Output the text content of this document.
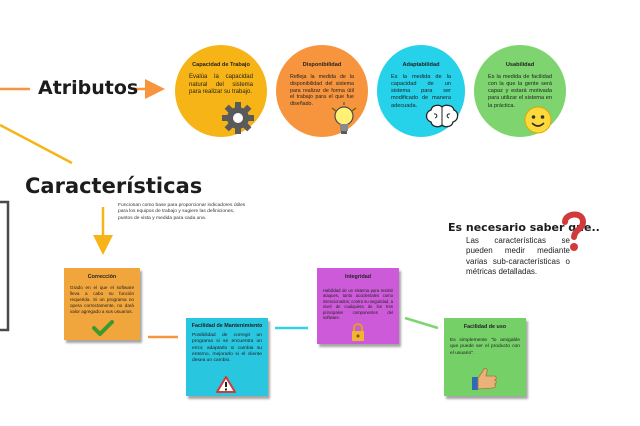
Atributos
Características
Funcionan como base para proporcionar indicadores útiles para los equipos de trabajo y sugiere las definiciones, puntos de vista y medida para cada una.
Capacidad de Trabajo
Evalúa la capacidad natural del sistema para realizar su trabajo.
Disponibilidad
Refleja la medida de la disponibilidad del sistema para realizar de forma útil el trabajo para el que fue diseñado.
Adaptabilidad
Es la medida de la capacidad de un sistema para ser modificado de manera adecuada.
Usabilidad
Es la medida de facilidad con la que la gente será capaz y estará motivada para utilizar el sistema en la práctica.
Es necesario saber que..
Las características se pueden medir mediante varias sub-características o métricas detalladas.
Corrección
Grado en el que el software lleva a cabo su función requerida. Si un programa no opera correctamente, no dará valor agregado a sus usuarios.
Facilidad de Mantenimiento
Posibilidad de corregir un programa si se encuentra un error, adaptarlo si cambia su entorno, mejorarlo si el cliente desea un cambio.
Integridad
Habilidad de un sistema para resistir ataques, tanto accidentales como intencionados, contra su seguridad, a nivel de cualquiera de los tres principales componentes del software.
Facilidad de uso
Es simplemente "lo amigable que puede ser el producto con el usuario".
